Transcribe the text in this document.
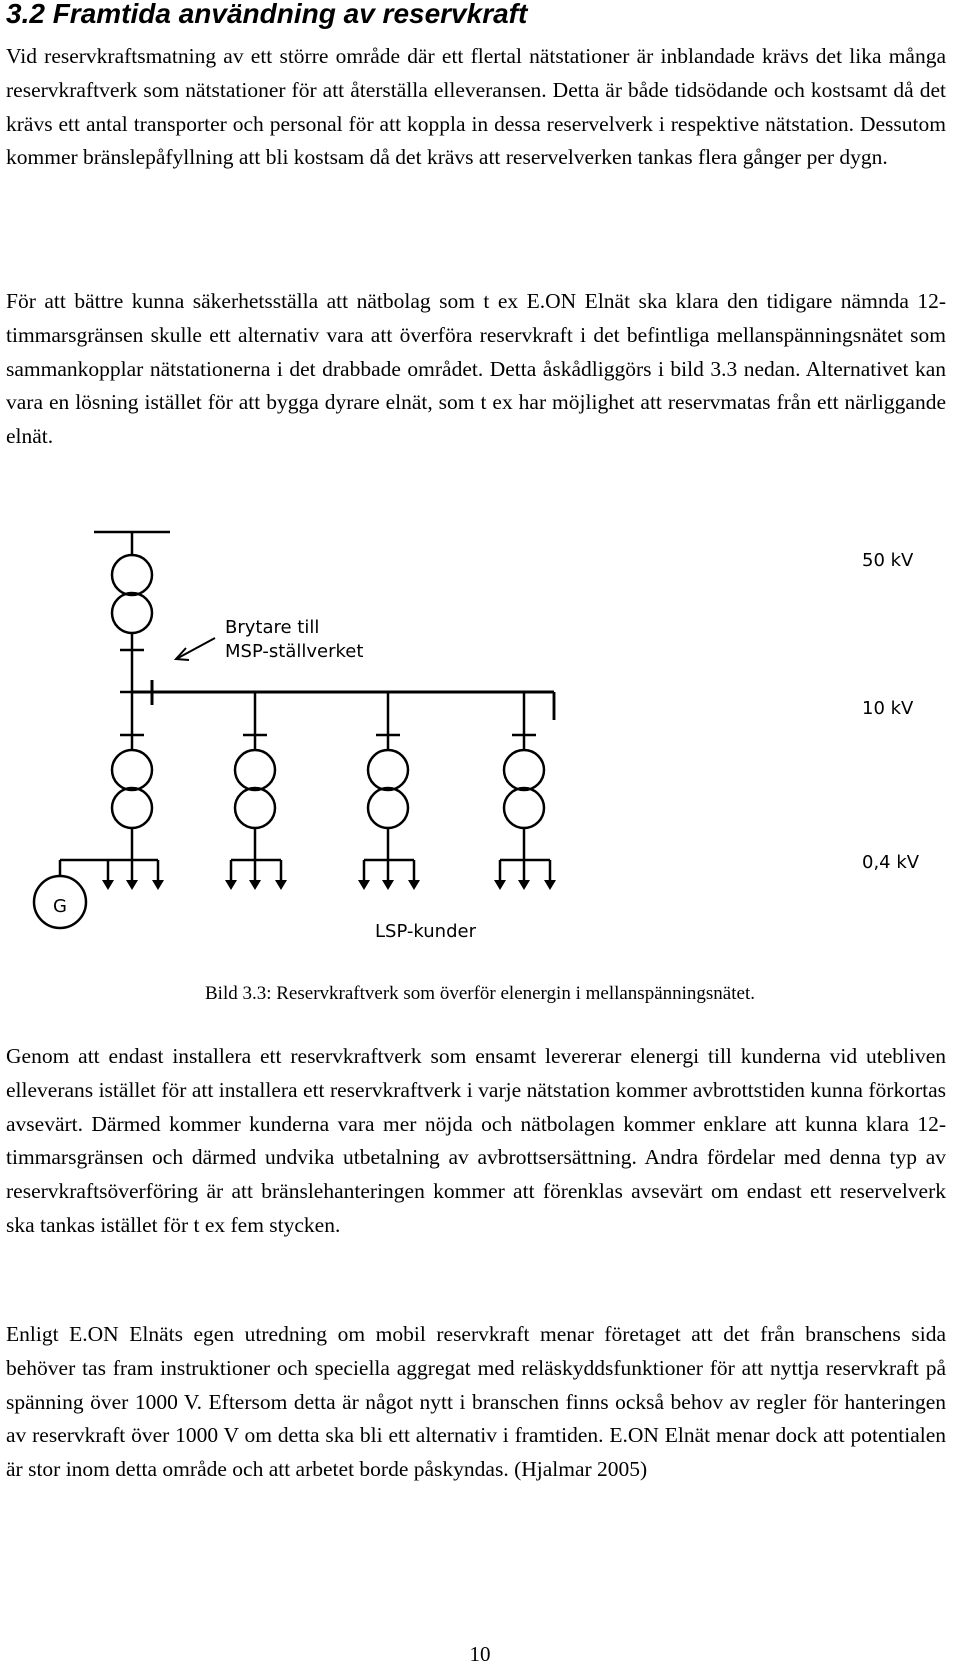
3.2 Framtida användning av reservkraft

Vid reservkraftsmatning av ett större område där ett flertal nätstationer är inblandade krävs det lika många reservkraftverk som nätstationer för att återställa elleveransen. Detta är både tidsödande och kostsamt då det krävs ett antal transporter och personal för att koppla in dessa reservelverk i respektive nätstation. Dessutom kommer bränslepåfyllning att bli kostsam då det krävs att reservelverken tankas flera gånger per dygn.

För att bättre kunna säkerhetsställa att nätbolag som t ex E.ON Elnät ska klara den tidigare nämnda 12- timmarsgränsen skulle ett alternativ vara att överföra reservkraft i det befintliga mellanspänningsnätet som sammankopplar nätstationerna i det drabbade området. Detta åskådliggörs i bild 3.3 nedan. Alternativet kan vara en lösning istället för att bygga dyrare elnät, som t ex har möjlighet att reservmatas från ett närliggande elnät.

50 kV
10 kV
0,4 kV
Brytare till
MSP-ställverket
G
LSP-kunder
Bild 3.3: Reservkraftverk som överför elenergin i mellanspänningsnätet.

Genom att endast installera ett reservkraftverk som ensamt levererar elenergi till kunderna vid utebliven elleverans istället för att installera ett reservkraftverk i varje nätstation kommer avbrottstiden kunna förkortas avsevärt. Därmed kommer kunderna vara mer nöjda och nätbolagen kommer enklare att kunna klara 12-timmarsgränsen och därmed undvika utbetalning av avbrottsersättning. Andra fördelar med denna typ av reservkraftsöverföring är att bränslehanteringen kommer att förenklas avsevärt om endast ett reservelverk ska tankas istället för t ex fem stycken.

Enligt E.ON Elnäts egen utredning om mobil reservkraft menar företaget att det från branschens sida behöver tas fram instruktioner och speciella aggregat med reläskyddsfunktioner för att nyttja reservkraft på spänning över 1000 V. Eftersom detta är något nytt i branschen finns också behov av regler för hanteringen av reservkraft över 1000 V om detta ska bli ett alternativ i framtiden. E.ON Elnät menar dock att potentialen är stor inom detta område och att arbetet borde påskyndas. (Hjalmar 2005)

10
